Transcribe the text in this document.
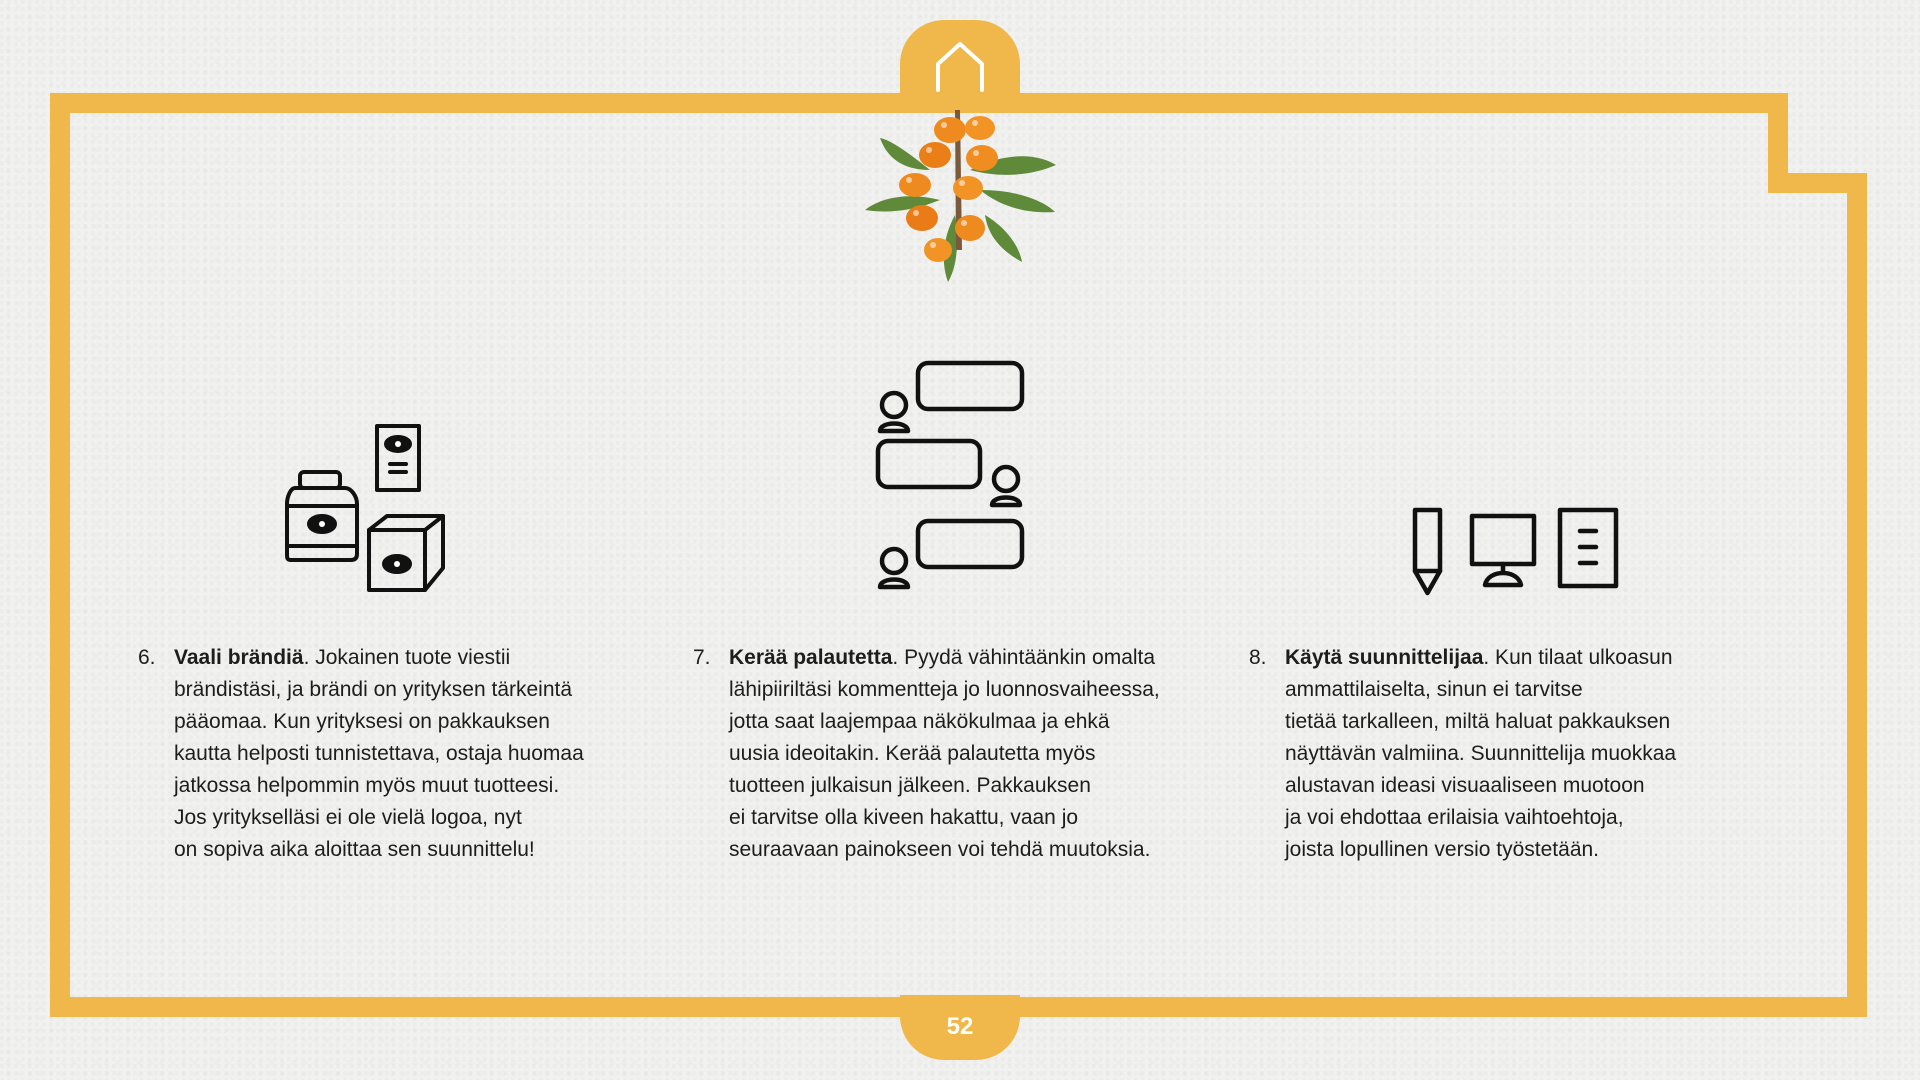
52
6. Vaali brändiä. Jokainen tuote viestii
brändistäsi, ja brändi on yrityksen tärkeintä
pääomaa. Kun yrityksesi on pakkauksen
kautta helposti tunnistettava, ostaja huomaa
jatkossa helpommin myös muut tuotteesi.
Jos yritykselläsi ei ole vielä logoa, nyt
on sopiva aika aloittaa sen suunnittelu!
7. Kerää palautetta. Pyydä vähintäänkin omalta
lähipiiriltäsi kommentteja jo luonnosvaiheessa,
jotta saat laajempaa näkökulmaa ja ehkä
uusia ideoitakin. Kerää palautetta myös
tuotteen julkaisun jälkeen. Pakkauksen
ei tarvitse olla kiveen hakattu, vaan jo
seuraavaan painokseen voi tehdä muutoksia.
8. Käytä suunnittelijaa. Kun tilaat ulkoasun
ammattilaiselta, sinun ei tarvitse
tietää tarkalleen, miltä haluat pakkauksen
näyttävän valmiina. Suunnittelija muokkaa
alustavan ideasi visuaaliseen muotoon
ja voi ehdottaa erilaisia vaihtoehtoja,
joista lopullinen versio työstetään.
